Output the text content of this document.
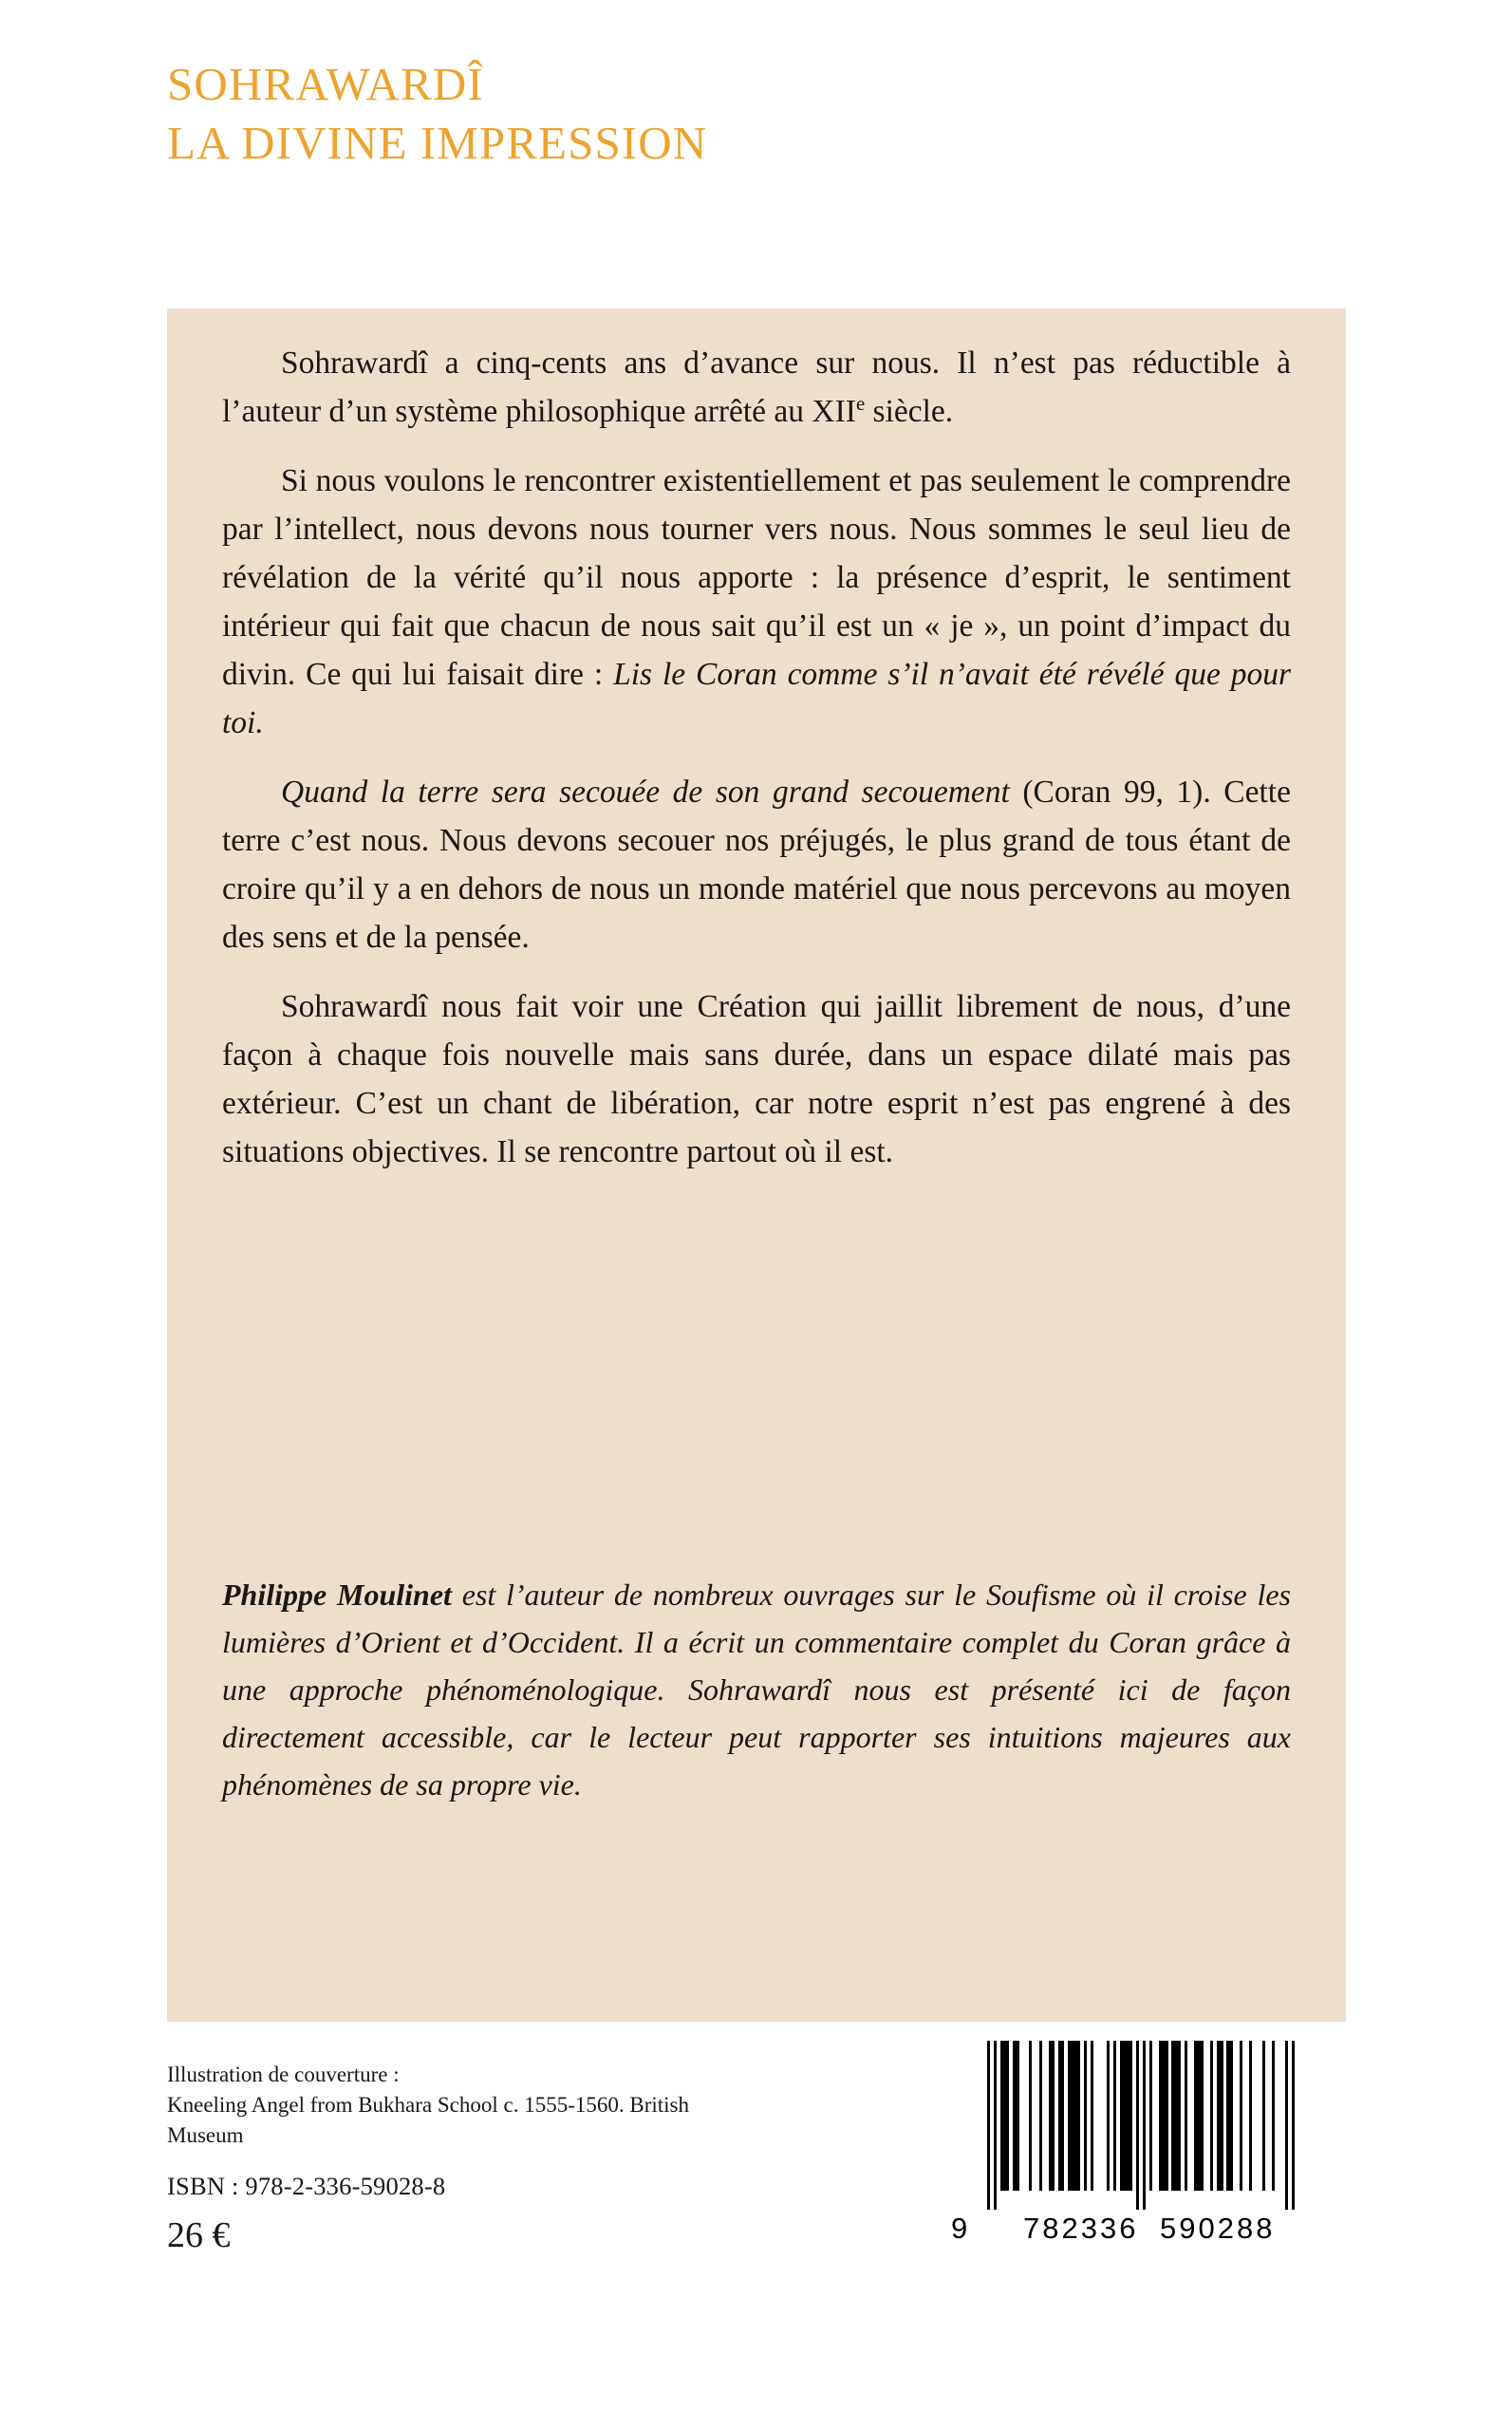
SOHRAWARDÎ
LA DIVINE IMPRESSION

Sohrawardî a cinq-cents ans d’avance sur nous. Il n’est pas réductible à l’auteur d’un système philosophique arrêté au XIIe siècle.

Si nous voulons le rencontrer existentiellement et pas seulement le comprendre par l’intellect, nous devons nous tourner vers nous. Nous sommes le seul lieu de révélation de la vérité qu’il nous apporte : la présence d’esprit, le sentiment intérieur qui fait que chacun de nous sait qu’il est un « je », un point d’impact du divin. Ce qui lui faisait dire : Lis le Coran comme s’il n’avait été révélé que pour toi.

Quand la terre sera secouée de son grand secouement (Coran 99, 1). Cette terre c’est nous. Nous devons secouer nos préjugés, le plus grand de tous étant de croire qu’il y a en dehors de nous un monde matériel que nous percevons au moyen des sens et de la pensée.

Sohrawardî nous fait voir une Création qui jaillit librement de nous, d’une façon à chaque fois nouvelle mais sans durée, dans un espace dilaté mais pas extérieur. C’est un chant de libération, car notre esprit n’est pas engrené à des situations objectives. Il se rencontre partout où il est.

Philippe Moulinet est l’auteur de nombreux ouvrages sur le Soufisme où il croise les lumières d’Orient et d’Occident. Il a écrit un commentaire complet du Coran grâce à une approche phénoménologique. Sohrawardî nous est présenté ici de façon directement accessible, car le lecteur peut rapporter ses intuitions majeures aux phénomènes de sa propre vie.

Illustration de couverture :
Kneeling Angel from Bukhara School c. 1555-1560. British
Museum
ISBN : 978-2-336-59028-8
26 €	9 782336 590288
